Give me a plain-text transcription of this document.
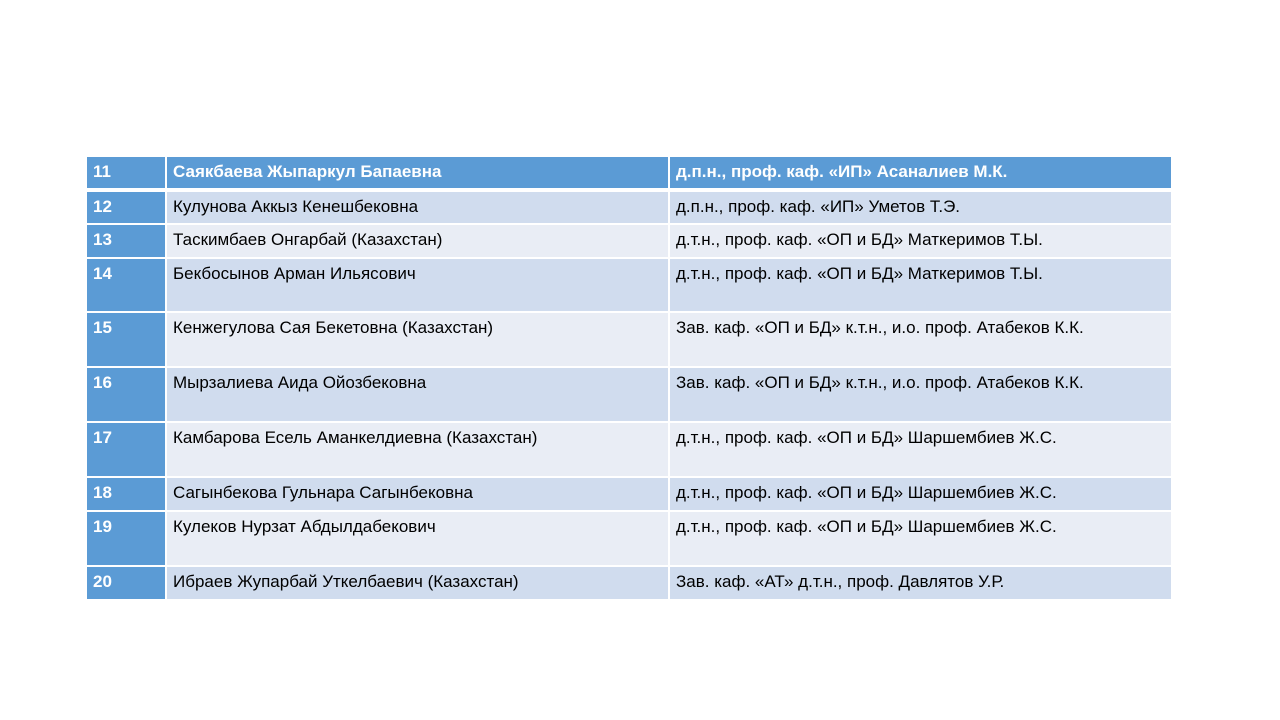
11	Саякбаева Жыпаркул Бапаевна	д.п.н., проф. каф. «ИП» Асаналиев М.К.
12	Кулунова Аккыз Кенешбековна	д.п.н., проф. каф. «ИП» Уметов Т.Э.
13	Таскимбаев Онгарбай (Казахстан)	д.т.н., проф. каф. «ОП и БД» Маткеримов Т.Ы.
14	Бекбосынов Арман Ильясович	д.т.н., проф. каф. «ОП и БД» Маткеримов Т.Ы.
15	Кенжегулова Сая Бекетовна (Казахстан)	Зав. каф. «ОП и БД» к.т.н., и.о. проф. Атабеков К.К.
16	Мырзалиева Аида Ойозбековна	Зав. каф. «ОП и БД» к.т.н., и.о. проф. Атабеков К.К.
17	Камбарова Есель Аманкелдиевна (Казахстан)	д.т.н., проф. каф. «ОП и БД» Шаршембиев Ж.С.
18	Сагынбекова Гульнара Сагынбековна	д.т.н., проф. каф. «ОП и БД» Шаршембиев Ж.С.
19	Кулеков Нурзат Абдылдабекович	д.т.н., проф. каф. «ОП и БД» Шаршембиев Ж.С.
20	Ибраев Жупарбай Уткелбаевич (Казахстан)	Зав. каф. «АТ» д.т.н., проф. Давлятов У.Р.
